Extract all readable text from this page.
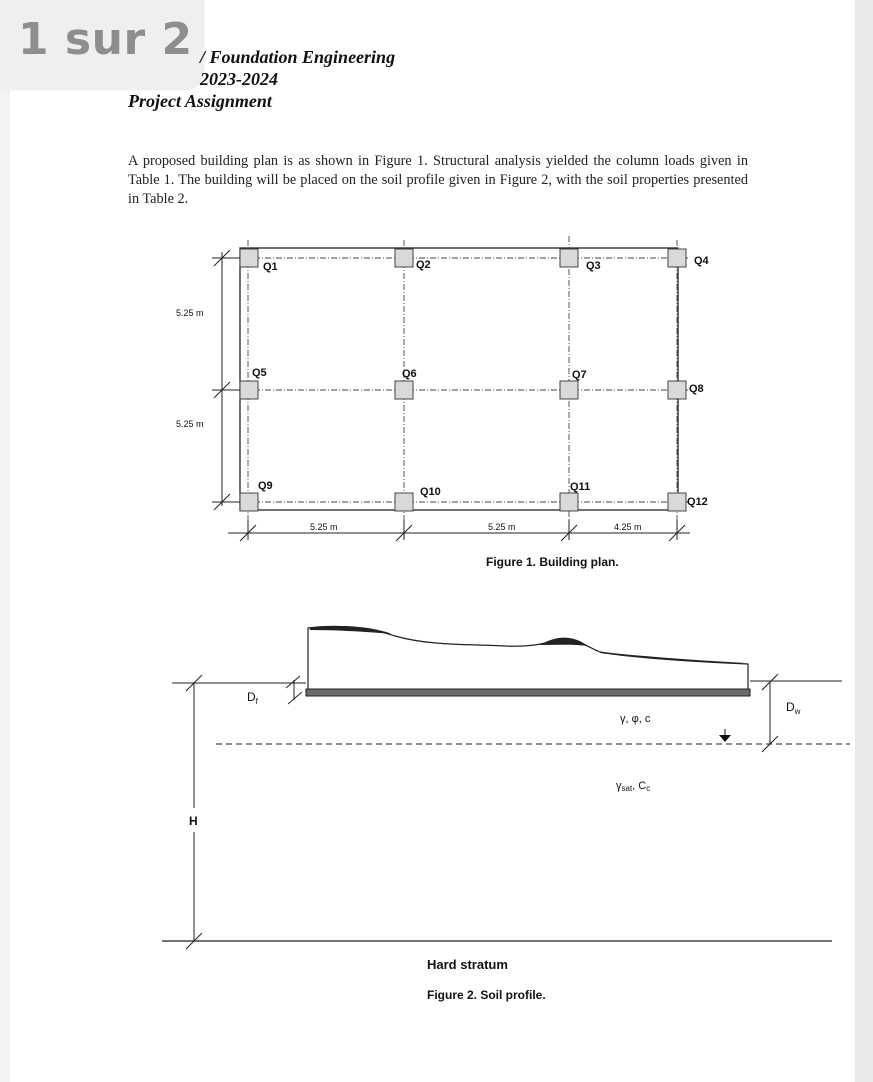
1 sur 2 / Foundation Engineering
2023-2024
Project Assignment
A proposed building plan is as shown in Figure 1. Structural analysis yielded the column loads given in Table 1. The building will be placed on the soil profile given in Figure 2, with the soil properties presented in Table 2.
Q1	Q2	Q3	Q4
Q5	Q6	Q7
Q8
Q9	Q10	Q11
Q12
5.25 m
5.25 m
5.25 m	5.25 m	4.25 m
Figure 1. Building plan.
$D_f$	$D_w$
γ, φ, c
γsat, Cc
H
Hard stratum
Figure 2. Soil profile.
